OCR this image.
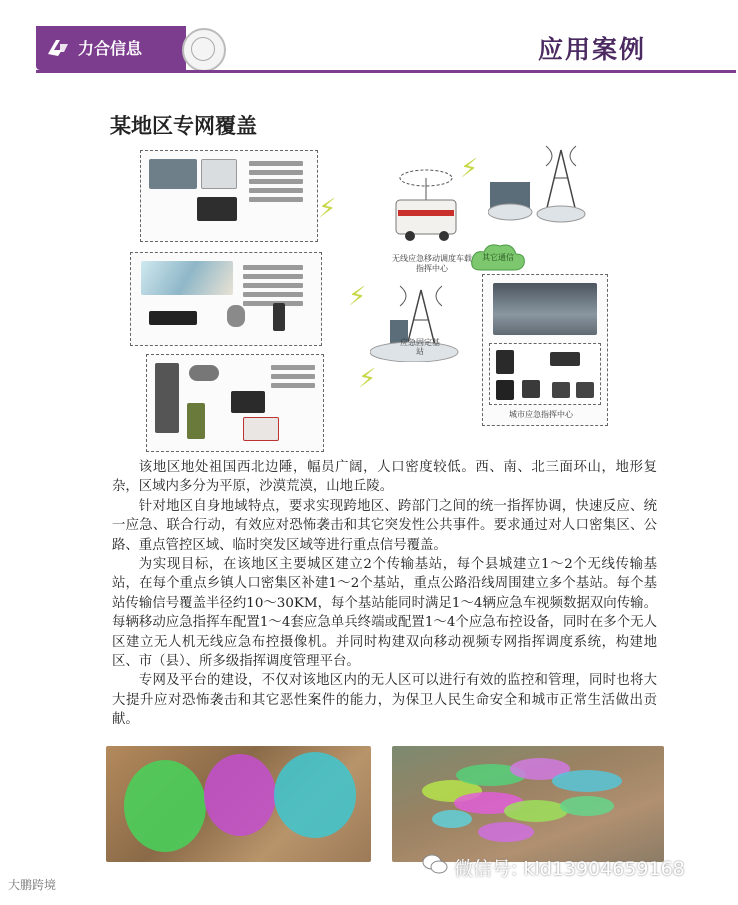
力合信息	应用案例
某地区专网覆盖
⚡
⚡
⚡
⚡
无线应急移动调度车载指挥中心
其它通信
应急固定基站
城市应急指挥中心

该地区地处祖国西北边陲，幅员广阔，人口密度较低。西、南、北三面环山，地形复杂，区域内多分为平原，沙漠荒漠，山地丘陵。

针对地区自身地域特点，要求实现跨地区、跨部门之间的统一指挥协调，快速反应、统一应急、联合行动，有效应对恐怖袭击和其它突发性公共事件。要求通过对人口密集区、公路、重点管控区域、临时突发区域等进行重点信号覆盖。

为实现目标，在该地区主要城区建立2个传输基站，每个县城建立1～2个无线传输基站，在每个重点乡镇人口密集区补建1～2个基站，重点公路沿线周围建立多个基站。每个基站传输信号覆盖半径约10～30KM，每个基站能同时满足1～4辆应急车视频数据双向传输。每辆移动应急指挥车配置1～4套应急单兵终端或配置1～4个应急布控设备，同时在多个无人区建立无人机无线应急布控摄像机。并同时构建双向移动视频专网指挥调度系统，构建地区、市（县）、所多级指挥调度管理平台。

专网及平台的建设，不仅对该地区内的无人区可以进行有效的监控和管理，同时也将大大提升应对恐怖袭击和其它恶性案件的能力，为保卫人民生命安全和城市正常生活做出贡献。

微信号: kld13904659168
大鹏跨境
